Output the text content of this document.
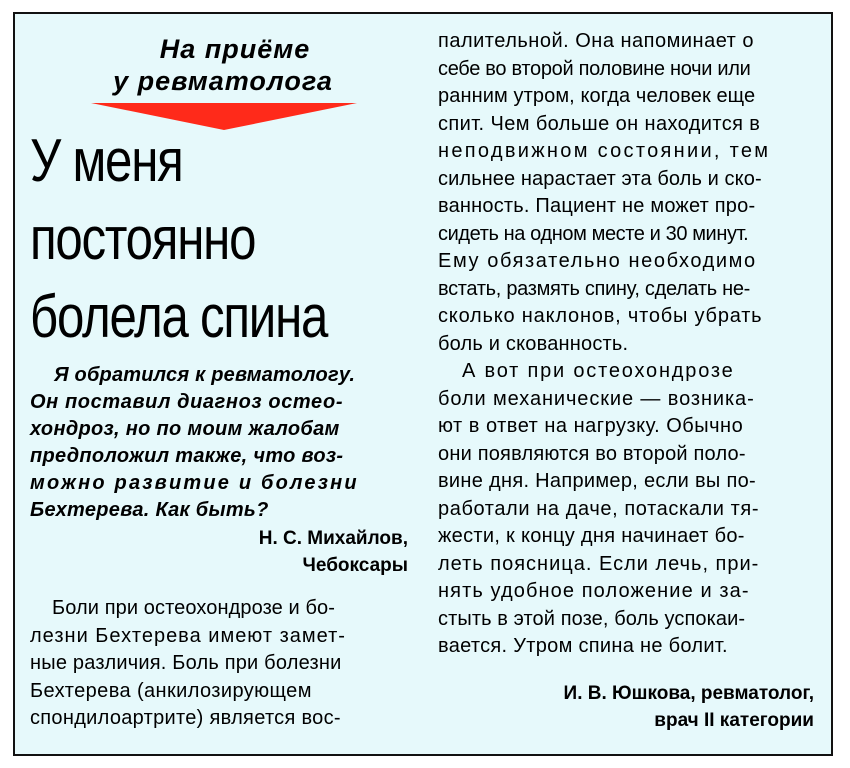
На приёме
у ревматолога
У меня
постоянно
болела спина

Я обратился к ревматологу.
Он поставил диагноз остео-
хондроз, но по моим жалобам
предположил также, что воз-
можно развитие и болезни
Бехтерева. Как быть?

Н. С. Михайлов,
Чебоксары

Боли при остеохондрозе и бо-
лезни Бехтерева имеют замет-
ные различия. Боль при болезни
Бехтерева (анкилозирующем
спондилоартрите) является вос-

палительной. Она напоминает о
себе во второй половине ночи или
ранним утром, когда человек еще
спит. Чем больше он находится в
неподвижном состоянии, тем
сильнее нарастает эта боль и ско-
ванность. Пациент не может про-
сидеть на одном месте и 30 минут.
Ему обязательно необходимо
встать, размять спину, сделать не-
сколько наклонов, чтобы убрать
боль и скованность.
А вот при остеохондрозе
боли механические — возника-
ют в ответ на нагрузку. Обычно
они появляются во второй поло-
вине дня. Например, если вы по-
работали на даче, потаскали тя-
жести, к концу дня начинает бо-
леть поясница. Если лечь, при-
нять удобное положение и за-
стыть в этой позе, боль успокаи-
вается. Утром спина не болит.

И. В. Юшкова, ревматолог,
врач II категории
